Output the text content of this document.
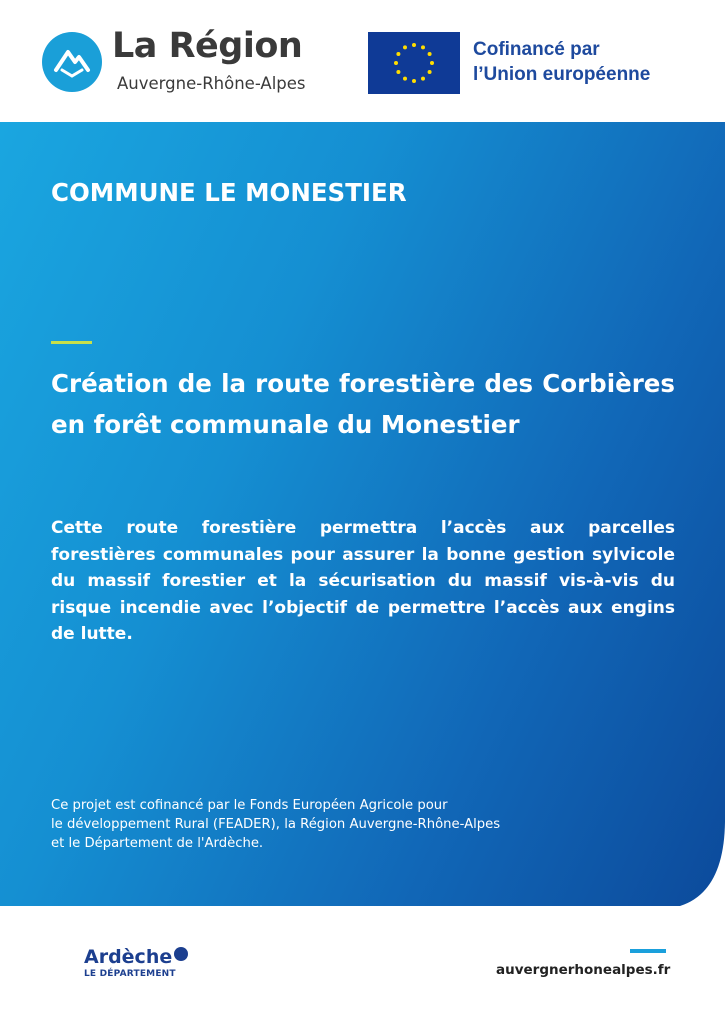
La Région
Auvergne-Rhône-Alpes
Cofinancé par
l’Union européenne
COMMUNE LE MONESTIER

Création de la route forestière des Corbières en forêt communale du Monestier

Cette route forestière permettra l’accès aux parcelles forestières communales pour assurer la bonne gestion sylvicole du massif forestier et la sécurisation du massif vis-à-vis du risque incendie avec l’objectif de permettre l’accès aux engins de lutte.

Ce projet est cofinancé par le Fonds Européen Agricole pour
le développement Rural (FEADER), la Région Auvergne-Rhône-Alpes
et le Département de l'Ardèche.
Ardèche
LE DÉPARTEMENT	auvergnerhonealpes.fr
